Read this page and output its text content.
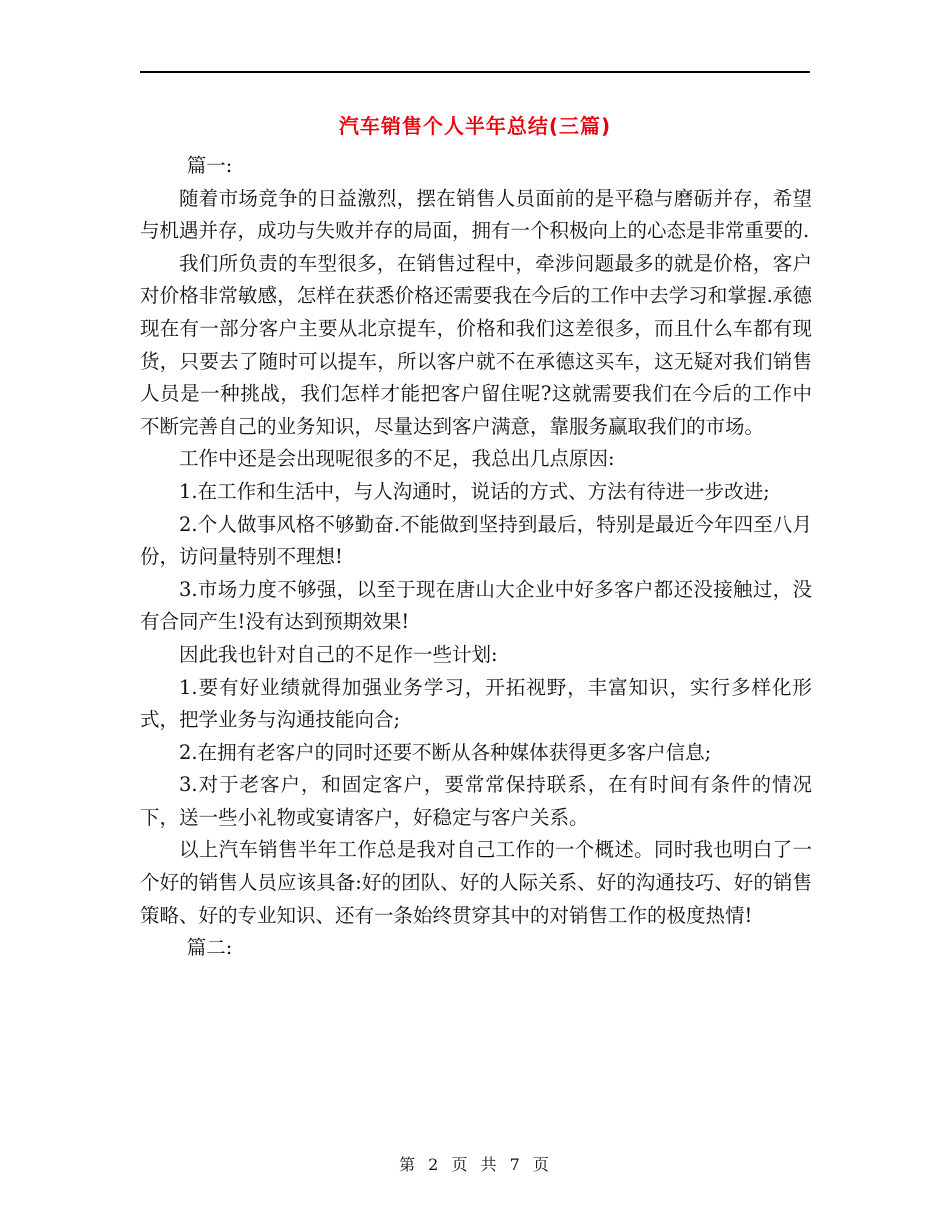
汽车销售个人半年总结(三篇)

篇一:

随着市场竞争的日益激烈，摆在销售人员面前的是平稳与磨砺并存，希望与机遇并存，成功与失败并存的局面，拥有一个积极向上的心态是非常重要的.

我们所负责的车型很多，在销售过程中，牵涉问题最多的就是价格，客户对价格非常敏感，怎样在获悉价格还需要我在今后的工作中去学习和掌握.承德现在有一部分客户主要从北京提车，价格和我们这差很多，而且什么车都有现货，只要去了随时可以提车，所以客户就不在承德这买车，这无疑对我们销售人员是一种挑战，我们怎样才能把客户留住呢?这就需要我们在今后的工作中不断完善自己的业务知识，尽量达到客户满意，靠服务赢取我们的市场。

工作中还是会出现呢很多的不足，我总出几点原因:

1.在工作和生活中，与人沟通时，说话的方式、方法有待进一步改进;

2.个人做事风格不够勤奋.不能做到坚持到最后，特别是最近今年四至八月份，访问量特别不理想!

3.市场力度不够强，以至于现在唐山大企业中好多客户都还没接触过，没有合同产生!没有达到预期效果!

因此我也针对自己的不足作一些计划:

1.要有好业绩就得加强业务学习，开拓视野，丰富知识，实行多样化形式，把学业务与沟通技能向合;

2.在拥有老客户的同时还要不断从各种媒体获得更多客户信息;

3.对于老客户，和固定客户，要常常保持联系，在有时间有条件的情况下，送一些小礼物或宴请客户，好稳定与客户关系。

以上汽车销售半年工作总是我对自己工作的一个概述。同时我也明白了一个好的销售人员应该具备:好的团队、好的人际关系、好的沟通技巧、好的销售策略、好的专业知识、还有一条始终贯穿其中的对销售工作的极度热情!

篇二:

第 2 页 共 7 页
